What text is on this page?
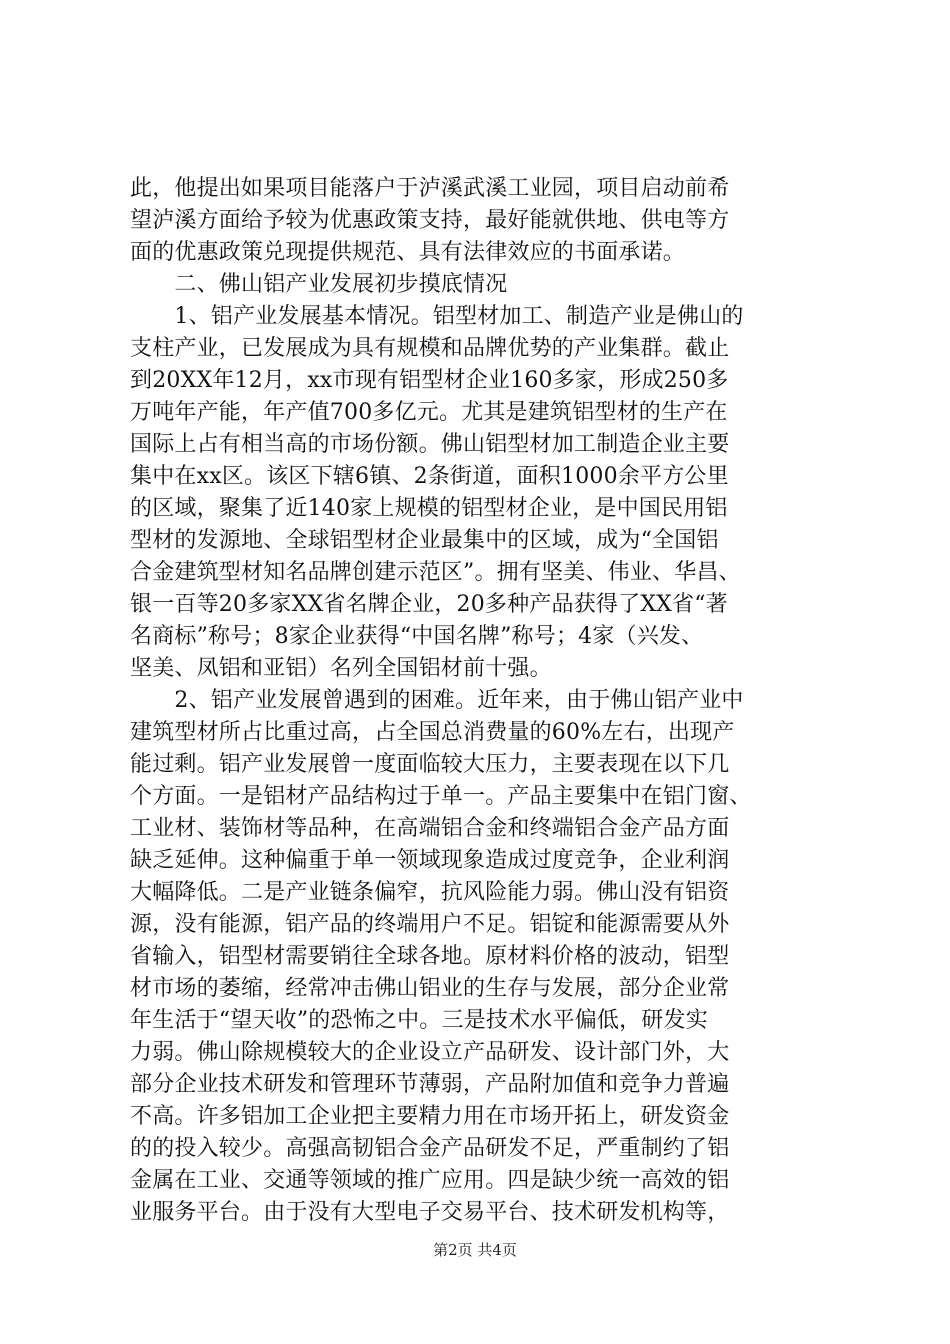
此，他提出如果项目能落户于泸溪武溪工业园，项目启动前希
望泸溪方面给予较为优惠政策支持，最好能就供地、供电等方
面的优惠政策兑现提供规范、具有法律效应的书面承诺。
　　二、佛山铝产业发展初步摸底情况
　　1、铝产业发展基本情况。铝型材加工、制造产业是佛山的
支柱产业，已发展成为具有规模和品牌优势的产业集群。截止
到20XX年12月，xx市现有铝型材企业160多家，形成250多
万吨年产能，年产值700多亿元。尤其是建筑铝型材的生产在
国际上占有相当高的市场份额。佛山铝型材加工制造企业主要
集中在xx区。该区下辖6镇、2条街道，面积1000余平方公里
的区域，聚集了近140家上规模的铝型材企业，是中国民用铝
型材的发源地、全球铝型材企业最集中的区域，成为“全国铝
合金建筑型材知名品牌创建示范区”。拥有坚美、伟业、华昌、
银一百等20多家XX省名牌企业，20多种产品获得了XX省“著
名商标”称号；8家企业获得“中国名牌”称号；4家（兴发、
坚美、凤铝和亚铝）名列全国铝材前十强。
　　2、铝产业发展曾遇到的困难。近年来，由于佛山铝产业中
建筑型材所占比重过高，占全国总消费量的60%左右，出现产
能过剩。铝产业发展曾一度面临较大压力，主要表现在以下几
个方面。一是铝材产品结构过于单一。产品主要集中在铝门窗、
工业材、装饰材等品种，在高端铝合金和终端铝合金产品方面
缺乏延伸。这种偏重于单一领域现象造成过度竞争，企业利润
大幅降低。二是产业链条偏窄，抗风险能力弱。佛山没有铝资
源，没有能源，铝产品的终端用户不足。铝锭和能源需要从外
省输入，铝型材需要销往全球各地。原材料价格的波动，铝型
材市场的萎缩，经常冲击佛山铝业的生存与发展，部分企业常
年生活于“望天收”的恐怖之中。三是技术水平偏低，研发实
力弱。佛山除规模较大的企业设立产品研发、设计部门外，大
部分企业技术研发和管理环节薄弱，产品附加值和竞争力普遍
不高。许多铝加工企业把主要精力用在市场开拓上，研发资金
的的投入较少。高强高韧铝合金产品研发不足，严重制约了铝
金属在工业、交通等领域的推广应用。四是缺少统一高效的铝
业服务平台。由于没有大型电子交易平台、技术研发机构等，
第2页 共4页
